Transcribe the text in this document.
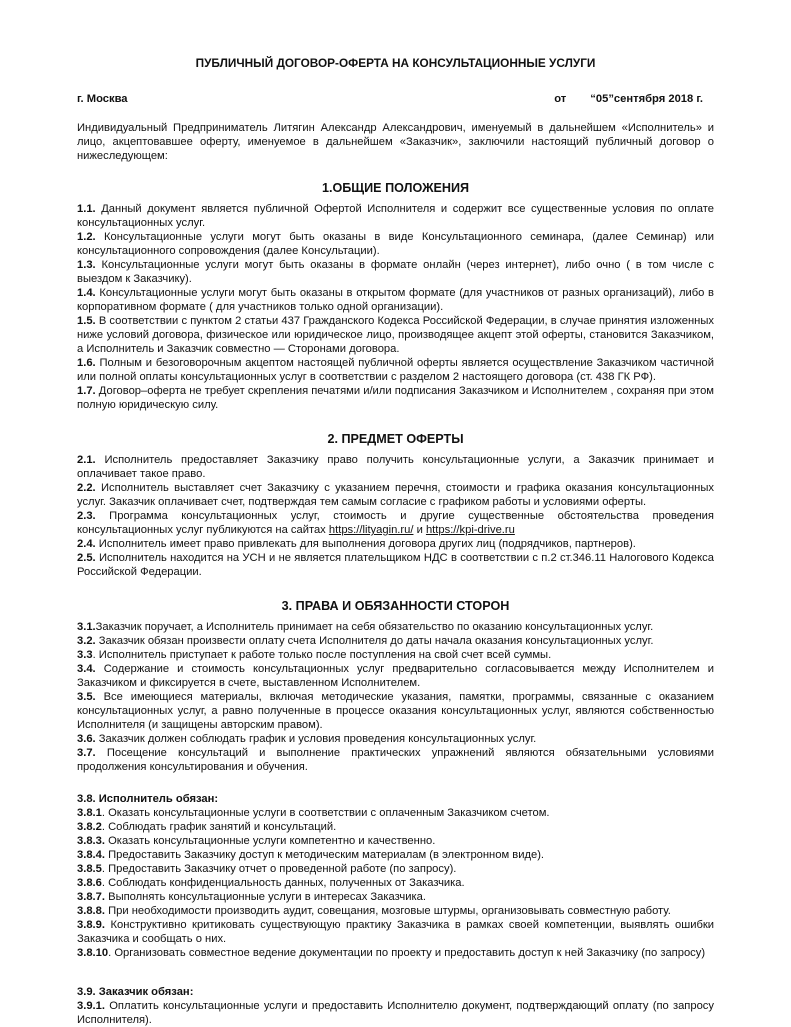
ПУБЛИЧНЫЙ ДОГОВОР-ОФЕРТА НА КОНСУЛЬТАЦИОННЫЕ УСЛУГИ
г. Москва	от “05”сентября 2018 г.

Индивидуальный Предприниматель Литягин Александр Александрович, именуемый в дальнейшем «Исполнитель» и лицо, акцептовавшее оферту, именуемое в дальнейшем «Заказчик», заключили настоящий публичный договор о нижеследующем:

1.ОБЩИЕ ПОЛОЖЕНИЯ

1.1. Данный документ является публичной Офертой Исполнителя и содержит все существенные условия по оплате консультационных услуг.

1.2. Консультационные услуги могут быть оказаны в виде Консультационного семинара, (далее Семинар) или консультационного сопровождения (далее Консультации).

1.3. Консультационные услуги могут быть оказаны в формате онлайн (через интернет), либо очно ( в том числе с выездом к Заказчику).

1.4. Консультационные услуги могут быть оказаны в открытом формате (для участников от разных организаций), либо в корпоративном формате ( для участников только одной организации).

1.5. В соответствии с пунктом 2 статьи 437 Гражданского Кодекса Российской Федерации, в случае принятия изложенных ниже условий договора, физическое или юридическое лицо, производящее акцепт этой оферты, становится Заказчиком, а Исполнитель и Заказчик совместно — Сторонами договора.

1.6. Полным и безоговорочным акцептом настоящей публичной оферты является осуществление Заказчиком частичной или полной оплаты консультационных услуг в соответствии с разделом 2 настоящего договора (ст. 438 ГК РФ).

1.7. Договор–оферта не требует скрепления печатями и/или подписания Заказчиком и Исполнителем , сохраняя при этом полную юридическую силу.

2. ПРЕДМЕТ ОФЕРТЫ

2.1. Исполнитель предоставляет Заказчику право получить консультационные услуги, а Заказчик принимает и оплачивает такое право.

2.2. Исполнитель выставляет счет Заказчику с указанием перечня, стоимости и графика оказания консультационных услуг. Заказчик оплачивает счет, подтверждая тем самым согласие с графиком работы и условиями оферты.

2.3. Программа консультационных услуг, стоимость и другие существенные обстоятельства проведения консультационных услуг публикуются на сайтах https://lityagin.ru/ и https://kpi-drive.ru

2.4. Исполнитель имеет право привлекать для выполнения договора других лиц (подрядчиков, партнеров).

2.5. Исполнитель находится на УСН и не является плательщиком НДС в соответствии с п.2 ст.346.11 Налогового Кодекса Российской Федерации.

3. ПРАВА И ОБЯЗАННОСТИ СТОРОН

3.1.Заказчик поручает, а Исполнитель принимает на себя обязательство по оказанию консультационных услуг.

3.2. Заказчик обязан произвести оплату счета Исполнителя до даты начала оказания консультационных услуг.

3.3. Исполнитель приступает к работе только после поступления на свой счет всей суммы.

3.4. Содержание и стоимость консультационных услуг предварительно согласовывается между Исполнителем и Заказчиком и фиксируется в счете, выставленном Исполнителем.

3.5. Все имеющиеся материалы, включая методические указания, памятки, программы, связанные с оказанием консультационных услуг, а равно полученные в процессе оказания консультационных услуг, являются собственностью Исполнителя (и защищены авторским правом).

3.6. Заказчик должен соблюдать график и условия проведения консультационных услуг.

3.7. Посещение консультаций и выполнение практических упражнений являются обязательными условиями продолжения консультирования и обучения.

3.8. Исполнитель обязан:

3.8.1. Оказать консультационные услуги в соответствии с оплаченным Заказчиком счетом.

3.8.2. Соблюдать график занятий и консультаций.

3.8.3. Оказать консультационные услуги компетентно и качественно.

3.8.4. Предоставить Заказчику доступ к методическим материалам (в электронном виде).

3.8.5. Предоставить Заказчику отчет о проведенной работе (по запросу).

3.8.6. Соблюдать конфиденциальность данных, полученных от Заказчика.

3.8.7. Выполнять консультационные услуги в интересах Заказчика.

3.8.8. При необходимости производить аудит, совещания, мозговые штурмы, организовывать совместную работу.

3.8.9. Конструктивно критиковать существующую практику Заказчика в рамках своей компетенции, выявлять ошибки Заказчика и сообщать о них.

3.8.10. Организовать совместное ведение документации по проекту и предоставить доступ к ней Заказчику (по запросу)

3.9. Заказчик обязан:

3.9.1. Оплатить консультационные услуги и предоставить Исполнителю документ, подтверждающий оплату (по запросу Исполнителя).
